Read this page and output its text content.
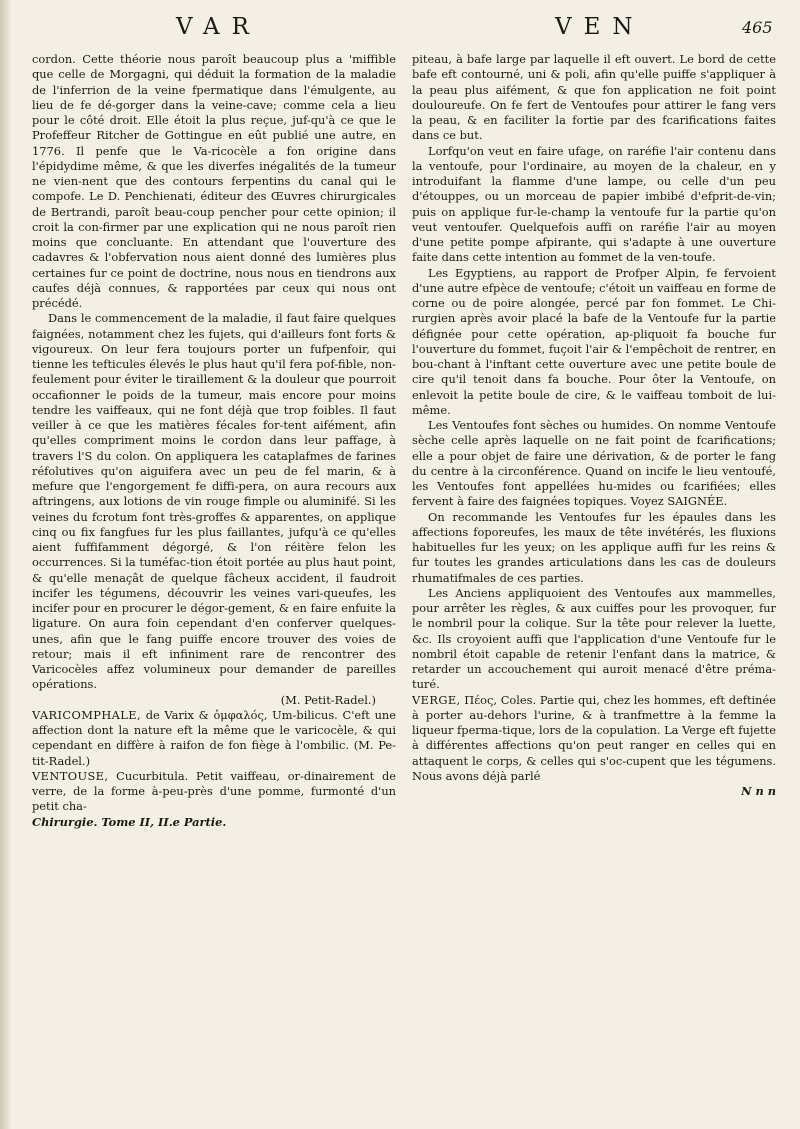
VAR	VEN	465

cordon. Cette théorie nous paroît beaucoup plus a 'miffible que celle de Morgagni, qui déduit la formation de la maladie de l'inferrion de la veine fpermatique dans l'émulgente, au lieu de fe dé-gorger dans la veine-cave; comme cela a lieu pour le côté droit. Elle étoit la plus reçue, juf-qu'à ce que le Profeffeur Ritcher de Gottingue en eût publié une autre, en 1776. Il penfe que le Va-ricocèle a fon origine dans l'épidydime même, & que les diverfes inégalités de la tumeur ne vien-nent que des contours ferpentins du canal qui le compofe. Le D. Penchienati, éditeur des Œuvres chirurgicales de Bertrandi, paroît beau-coup pencher pour cette opinion; il croit la con-firmer par une explication qui ne nous paroît rien moins que concluante. En attendant que l'ouverture des cadavres & l'obfervation nous aient donné des lumières plus certaines fur ce point de doctrine, nous nous en tiendrons aux caufes déjà connues, & rapportées par ceux qui nous ont précédé.

Dans le commencement de la maladie, il faut faire quelques faignées, notamment chez les fujets, qui d'ailleurs font forts & vigoureux. On leur fera toujours porter un fufpenfoir, qui tienne les tefticules élevés le plus haut qu'il fera pof-fible, non-feulement pour éviter le tiraillement & la douleur que pourroit occafionner le poids de la tumeur, mais encore pour moins tendre les vaiffeaux, qui ne font déjà que trop foibles. Il faut veiller à ce que les matières fécales for-tent aifément, afin qu'elles compriment moins le cordon dans leur paffage, à travers l'S du colon. On appliquera les cataplafmes de farines réfolutives qu'on aiguifera avec un peu de fel marin, & à mefure que l'engorgement fe diffi-pera, on aura recours aux aftringens, aux lotions de vin rouge fimple ou aluminifé. Si les veines du fcrotum font très-groffes & apparentes, on applique cinq ou fix fangfues fur les plus faillantes, jufqu'à ce qu'elles aient fuffifamment dégorgé, & l'on réitère felon les occurrences. Si la tuméfac-tion étoit portée au plus haut point, & qu'elle menaçât de quelque fâcheux accident, il faudroit incifer les tégumens, découvrir les veines vari-queufes, les incifer pour en procurer le dégor-gement, & en faire enfuite la ligature. On aura foin cependant d'en conferver quelques-unes, afin que le fang puiffe encore trouver des voies de retour; mais il eft infiniment rare de rencontrer des Varicocèles affez volumineux pour demander de pareilles opérations.

(M. Petit-Radel.)

VARICOMPHALE, de Varix & ὀμφαλός, Um-bilicus. C'eft une affection dont la nature eft la même que le varicocèle, & qui cependant en diffère à raifon de fon fiège à l'ombilic. (M. Pe-tit-Radel.)

VENTOUSE, Cucurbitula. Petit vaiffeau, or-dinairement de verre, de la forme à-peu-près d'une pomme, furmonté d'un petit cha-

Chirurgie. Tome II, II.e Partie.

piteau, à bafe large par laquelle il eft ouvert. Le bord de cette bafe eft contourné, uni & poli, afin qu'elle puiffe s'appliquer à la peau plus aifément, & que fon application ne foit point douloureufe. On fe fert de Ventoufes pour attirer le fang vers la peau, & en faciliter la fortie par des fcarifications faites dans ce but.

Lorfqu'on veut en faire ufage, on raréfie l'air contenu dans la ventoufe, pour l'ordinaire, au moyen de la chaleur, en y introduifant la flamme d'une lampe, ou celle d'un peu d'étouppes, ou un morceau de papier imbibé d'efprit-de-vin; puis on applique fur-le-champ la ventoufe fur la partie qu'on veut ventoufer. Quelquefois auffi on raréfie l'air au moyen d'une petite pompe afpirante, qui s'adapte à une ouverture faite dans cette intention au fommet de la ven-toufe.

Les Egyptiens, au rapport de Profper Alpin, fe fervoient d'une autre efpèce de ventoufe; c'étoit un vaiffeau en forme de corne ou de poire alongée, percé par fon fommet. Le Chi-rurgien après avoir placé la bafe de la Ventoufe fur la partie défignée pour cette opération, ap-pliquoit fa bouche fur l'ouverture du fommet, fuçoit l'air & l'empêchoit de rentrer, en bou-chant à l'inftant cette ouverture avec une petite boule de cire qu'il tenoit dans fa bouche. Pour ôter la Ventoufe, on enlevoit la petite boule de cire, & le vaiffeau tomboit de lui-même.

Les Ventoufes font sèches ou humides. On nomme Ventoufe sèche celle après laquelle on ne fait point de fcarifications; elle a pour objet de faire une dérivation, & de porter le fang du centre à la circonférence. Quand on incife le lieu ventoufé, les Ventoufes font appellées hu-mides ou fcarifiées; elles fervent à faire des faignées topiques. Voyez SAIGNÉE.

On recommande les Ventoufes fur les épaules dans les affections foporeufes, les maux de tête invétérés, les fluxions habituelles fur les yeux; on les applique auffi fur les reins & fur toutes les grandes articulations dans les cas de douleurs rhumatifmales de ces parties.

Les Anciens appliquoient des Ventoufes aux mammelles, pour arrêter les règles, & aux cuiffes pour les provoquer, fur le nombril pour la colique. Sur la tête pour relever la luette, &c. Ils croyoient auffi que l'application d'une Ventoufe fur le nombril étoit capable de retenir l'enfant dans la matrice, & retarder un accouchement qui auroit menacé d'être préma-turé.

VERGE, Πέος, Coles. Partie qui, chez les hommes, eft deftinée à porter au-dehors l'urine, & à tranfmettre à la femme la liqueur fperma-tique, lors de la copulation. La Verge eft fujette à différentes affections qu'on peut ranger en celles qui en attaquent le corps, & celles qui s'oc-cupent que les tégumens. Nous avons déjà parlé

N n n
